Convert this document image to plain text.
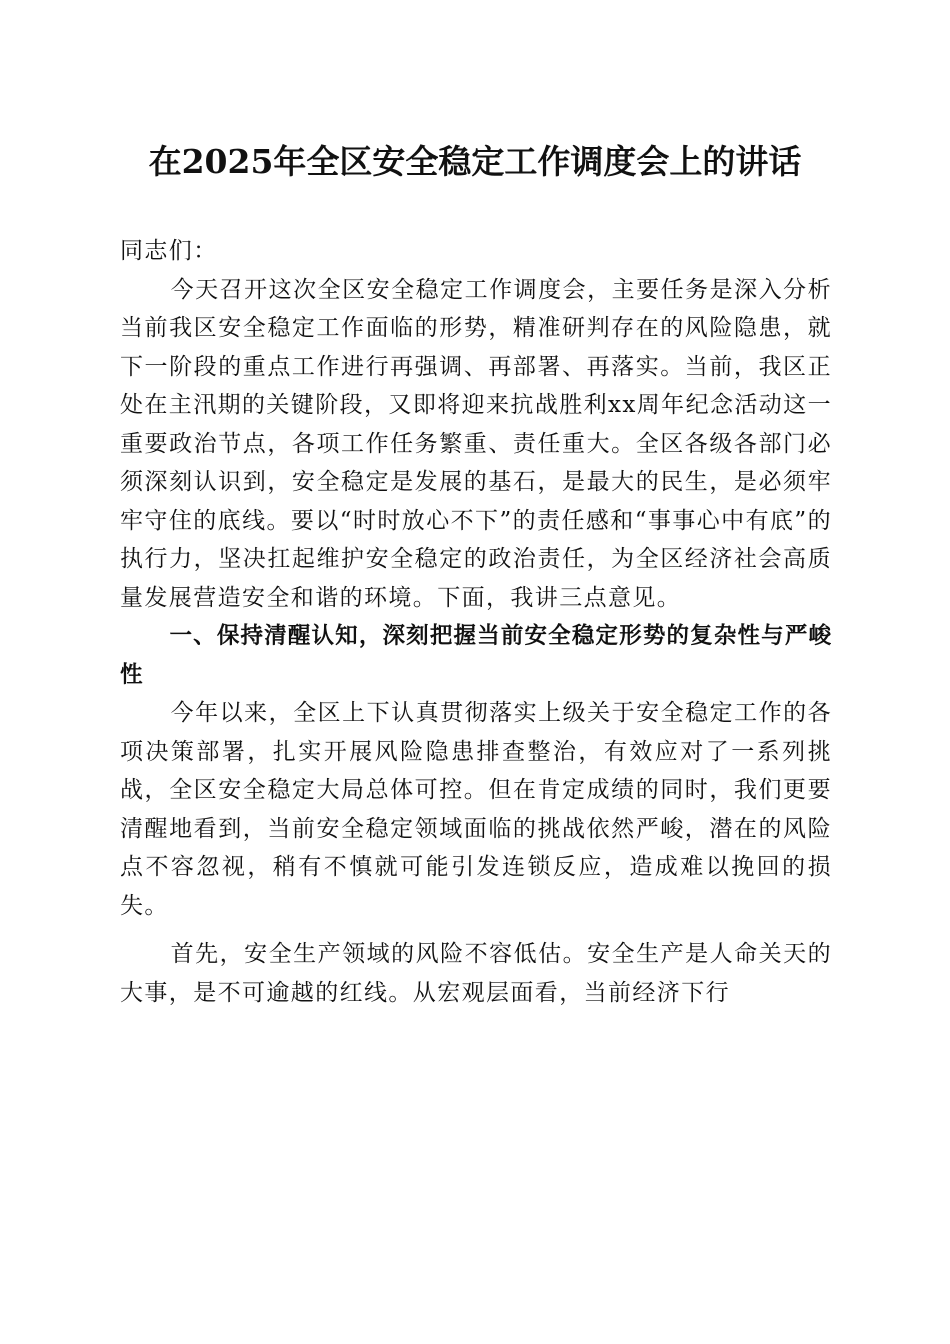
在2025年全区安全稳定工作调度会上的讲话

同志们：

今天召开这次全区安全稳定工作调度会，主要任务是深入分析当前我区安全稳定工作面临的形势，精准研判存在的风险隐患，就下一阶段的重点工作进行再强调、再部署、再落实。当前，我区正处在主汛期的关键阶段，又即将迎来抗战胜利xx周年纪念活动这一重要政治节点，各项工作任务繁重、责任重大。全区各级各部门必须深刻认识到，安全稳定是发展的基石，是最大的民生，是必须牢牢守住的底线。要以“时时放心不下”的责任感和“事事心中有底”的执行力，坚决扛起维护安全稳定的政治责任，为全区经济社会高质量发展营造安全和谐的环境。下面，我讲三点意见。

一、保持清醒认知，深刻把握当前安全稳定形势的复杂性与严峻性

今年以来，全区上下认真贯彻落实上级关于安全稳定工作的各项决策部署，扎实开展风险隐患排查整治，有效应对了一系列挑战，全区安全稳定大局总体可控。但在肯定成绩的同时，我们更要清醒地看到，当前安全稳定领域面临的挑战依然严峻，潜在的风险点不容忽视，稍有不慎就可能引发连锁反应，造成难以挽回的损失。

首先，安全生产领域的风险不容低估。安全生产是人命关天的大事，是不可逾越的红线。从宏观层面看，当前经济下行
